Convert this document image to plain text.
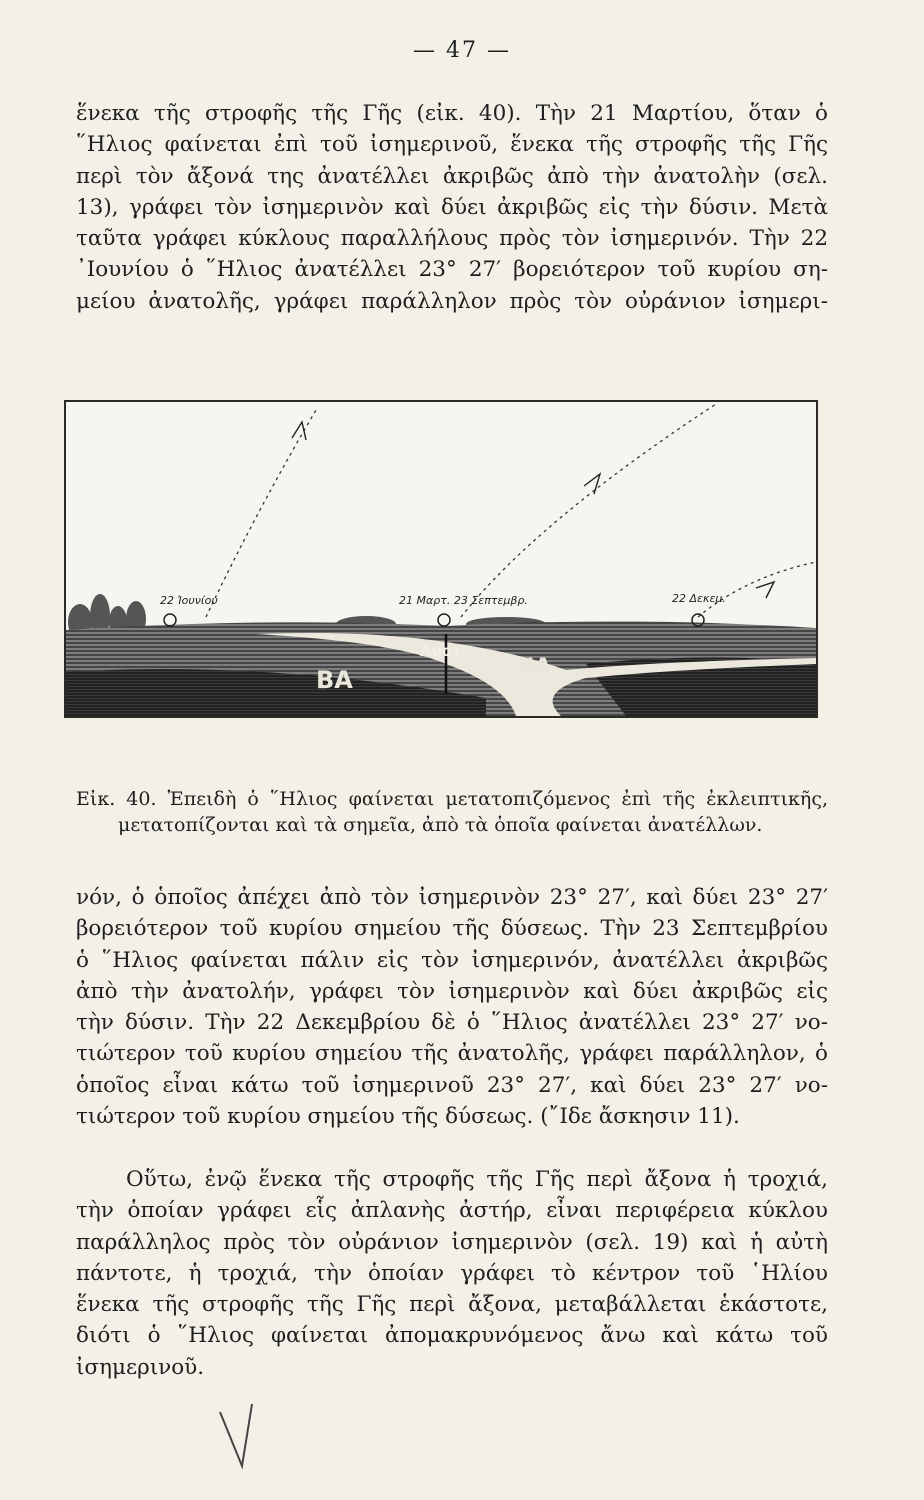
— 47 —
ἕνεκα τῆς στροφῆς τῆς Γῆς (εἰκ. 40). Τὴν 21 Μαρτίου, ὅταν ὁ
῞Ηλιος φαίνεται ἐπὶ τοῦ ἰσημερινοῦ, ἕνεκα τῆς στροφῆς τῆς Γῆς
περὶ τὸν ἄξονά της ἀνατέλλει ἀκριβῶς ἀπὸ τὴν ἀνατολὴν (σελ.
13), γράφει τὸν ἰσημερινὸν καὶ δύει ἀκριβῶς εἰς τὴν δύσιν. Μετὰ
ταῦτα γράφει κύκλους παραλλήλους πρὸς τὸν ἰσημερινόν. Τὴν 22
᾿Ιουνίου ὁ ῞Ηλιος ἀνατέλλει 23° 27′ βορειότερον τοῦ κυρίου ση-
μείου ἀνατολῆς, γράφει παράλληλον πρὸς τὸν οὐράνιον ἰσημερι-
22 Ἰουνίου	21 Μαρτ. 23 Σεπτεμβρ.	22 Δεκεμ.
Ἀνατ.
ΒΑ	ΝΑ
Εἰκ. 40. Ἐπειδὴ ὁ ῞Ηλιος φαίνεται μετατοπιζόμενος ἐπὶ τῆς ἐκλειπτικῆς,
μετατοπίζονται καὶ τὰ σημεῖα, ἀπὸ τὰ ὁποῖα φαίνεται ἀνατέλλων.
νόν, ὁ ὁποῖος ἀπέχει ἀπὸ τὸν ἰσημερινὸν 23° 27′, καὶ δύει 23° 27′
βορειότερον τοῦ κυρίου σημείου τῆς δύσεως. Τὴν 23 Σεπτεμβρίου
ὁ ῞Ηλιος φαίνεται πάλιν εἰς τὸν ἰσημερινόν, ἀνατέλλει ἀκριβῶς
ἀπὸ τὴν ἀνατολήν, γράφει τὸν ἰσημερινὸν καὶ δύει ἀκριβῶς εἰς
τὴν δύσιν. Τὴν 22 Δεκεμβρίου δὲ ὁ ῞Ηλιος ἀνατέλλει 23° 27′ νο-
τιώτερον τοῦ κυρίου σημείου τῆς ἀνατολῆς, γράφει παράλληλον, ὁ
ὁποῖος εἶναι κάτω τοῦ ἰσημερινοῦ 23° 27′, καὶ δύει 23° 27′ νο-
τιώτερον τοῦ κυρίου σημείου τῆς δύσεως. (῎Ιδε ἄσκησιν 11).
Οὕτω, ἐνῷ ἕνεκα τῆς στροφῆς τῆς Γῆς περὶ ἄξονα ἡ τροχιά,
τὴν ὁποίαν γράφει εἷς ἀπλανὴς ἀστήρ, εἶναι περιφέρεια κύκλου
παράλληλος πρὸς τὸν οὐράνιον ἰσημερινὸν (σελ. 19) καὶ ἡ αὐτὴ
πάντοτε, ἡ τροχιά, τὴν ὁποίαν γράφει τὸ κέντρον τοῦ ῾Ηλίου
ἕνεκα τῆς στροφῆς τῆς Γῆς περὶ ἄξονα, μεταβάλλεται ἑκάστοτε,
διότι ὁ ῞Ηλιος φαίνεται ἀπομακρυνόμενος ἄνω καὶ κάτω τοῦ
ἰσημερινοῦ.
